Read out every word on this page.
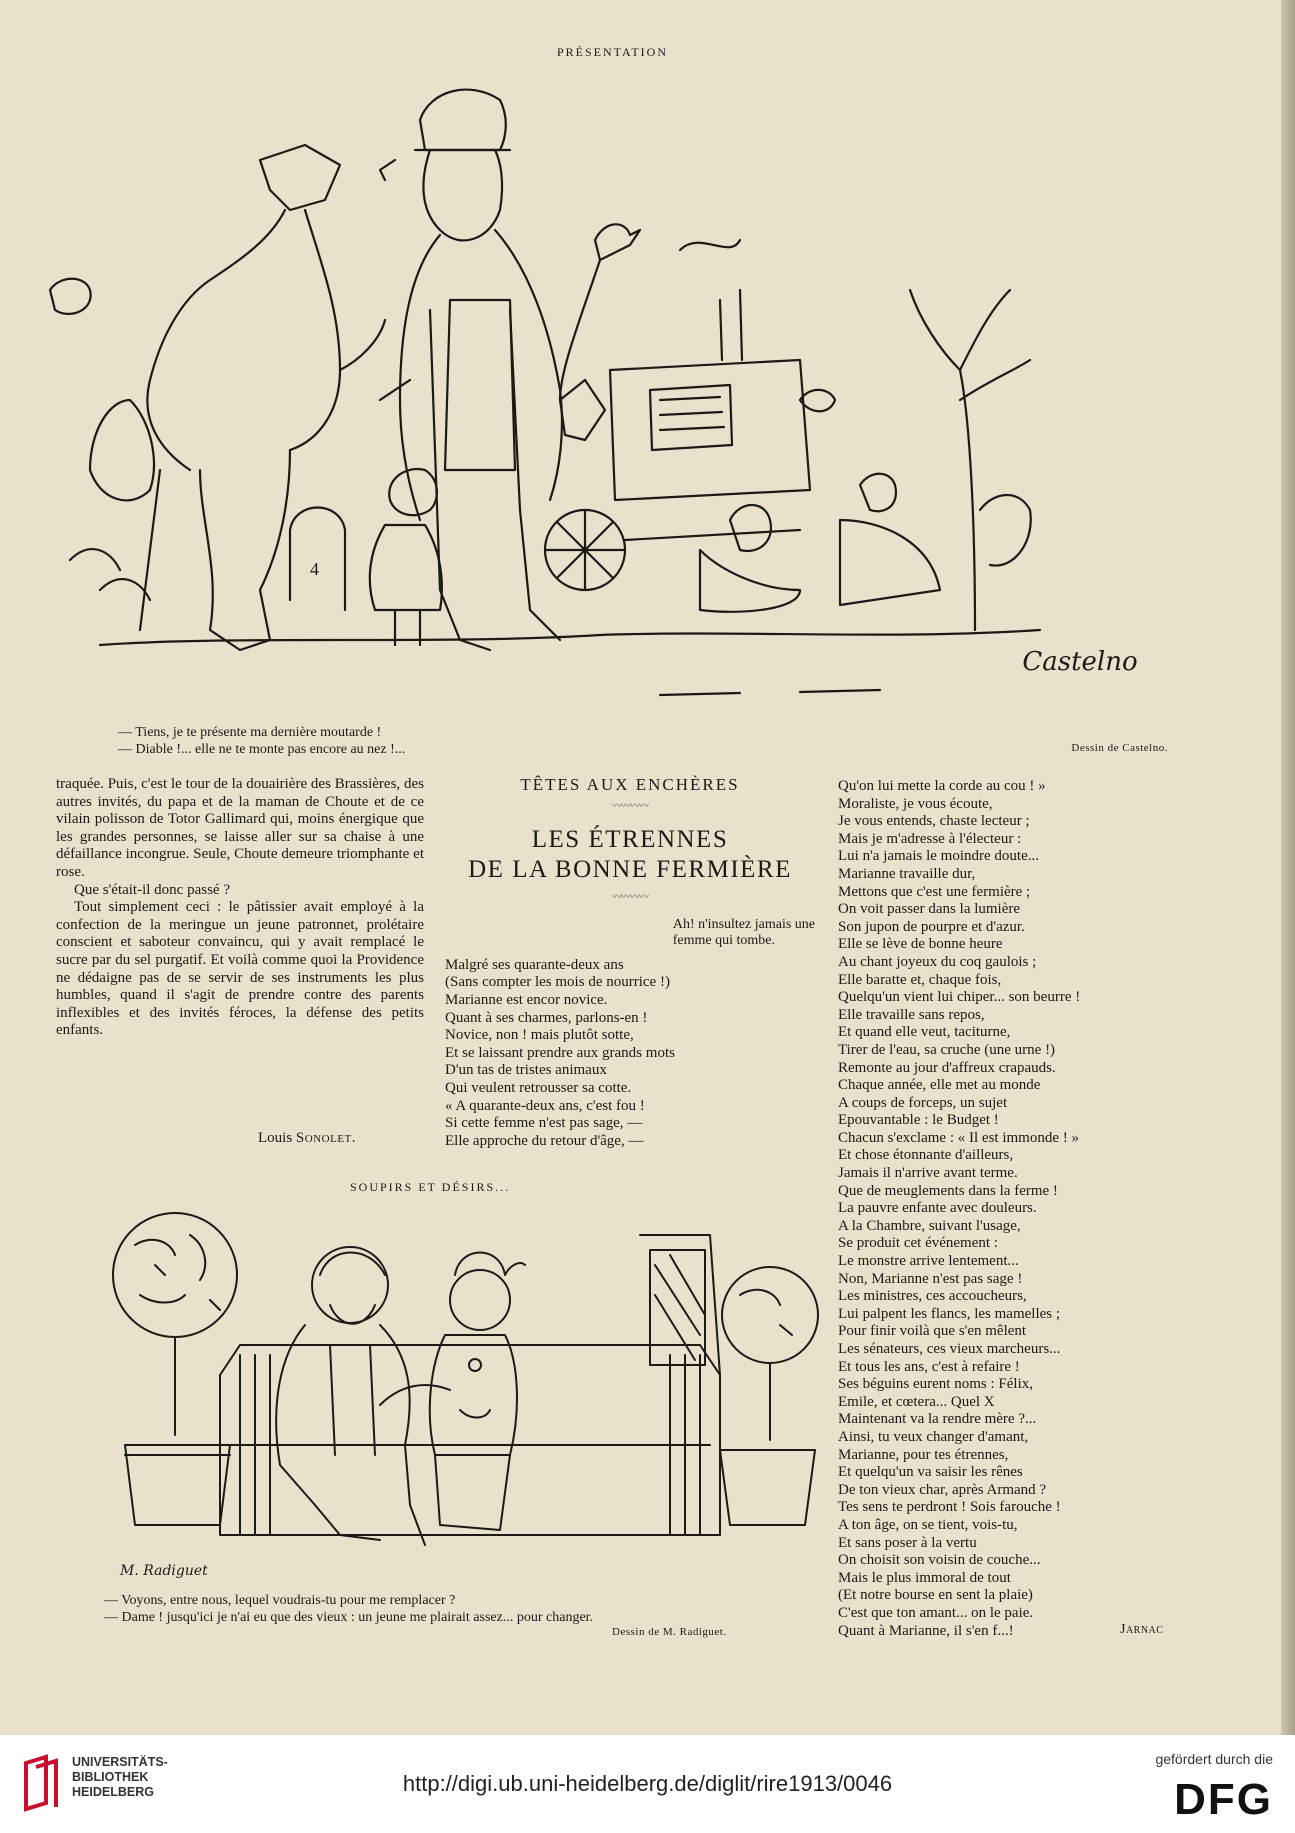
PRÉSENTATION
4
Castelno
— Tiens, je te présente ma dernière moutarde !
— Diable !... elle ne te monte pas encore au nez !...	Dessin de Castelno.

traquée. Puis, c'est le tour de la douairière des Brassières, des autres invités, du papa et de la maman de Choute et de ce vilain polisson de Totor Gallimard qui, moins énergique que les grandes personnes, se laisse aller sur sa chaise à une défaillance incongrue. Seule, Choute demeure triomphante et rose.

Que s'était-il donc passé ?

Tout simplement ceci : le pâtissier avait employé à la confection de la meringue un jeune patronnet, prolétaire conscient et saboteur convaincu, qui y avait remplacé le sucre par du sel purgatif. Et voilà comme quoi la Providence ne dédaigne pas de se servir de ses instruments les plus humbles, quand il s'agit de prendre contre des parents inflexibles et des invités féroces, la défense des petits enfants.

Louis Sonolet.
TÊTES AUX ENCHÈRES
〰〰〰〰
LES ÉTRENNES
DE LA BONNE FERMIÈRE
〰〰〰〰
Ah! n'insultez jamais une
femme qui tombe.
Malgré ses quarante-deux ans
(Sans compter les mois de nourrice !)
Marianne est encor novice.
Quant à ses charmes, parlons-en !
Novice, non ! mais plutôt sotte,
Et se laissant prendre aux grands mots
D'un tas de tristes animaux
Qui veulent retrousser sa cotte.
« A quarante-deux ans, c'est fou !
Si cette femme n'est pas sage, —
Elle approche du retour d'âge, —
Qu'on lui mette la corde au cou ! »
Moraliste, je vous écoute,
Je vous entends, chaste lecteur ;
Mais je m'adresse à l'électeur :
Lui n'a jamais le moindre doute...
Marianne travaille dur,
Mettons que c'est une fermière ;
On voit passer dans la lumière
Son jupon de pourpre et d'azur.
Elle se lève de bonne heure
Au chant joyeux du coq gaulois ;
Elle baratte et, chaque fois,
Quelqu'un vient lui chiper... son beurre !
Elle travaille sans repos,
Et quand elle veut, taciturne,
Tirer de l'eau, sa cruche (une urne !)
Remonte au jour d'affreux crapauds.
Chaque année, elle met au monde
A coups de forceps, un sujet
Epouvantable : le Budget !
Chacun s'exclame : « Il est immonde ! »
Et chose étonnante d'ailleurs,
Jamais il n'arrive avant terme.
Que de meuglements dans la ferme !
La pauvre enfante avec douleurs.
A la Chambre, suivant l'usage,
Se produit cet événement :
Le monstre arrive lentement...
Non, Marianne n'est pas sage !
Les ministres, ces accoucheurs,
Lui palpent les flancs, les mamelles ;
Pour finir voilà que s'en mêlent
Les sénateurs, ces vieux marcheurs...
Et tous les ans, c'est à refaire !
Ses béguins eurent noms : Félix,
Emile, et cœtera... Quel X
Maintenant va la rendre mère ?...
Ainsi, tu veux changer d'amant,
Marianne, pour tes étrennes,
Et quelqu'un va saisir les rênes
De ton vieux char, après Armand ?
Tes sens te perdront ! Sois farouche !
A ton âge, on se tient, vois-tu,
Et sans poser à la vertu
On choisit son voisin de couche...
Mais le plus immoral de tout
(Et notre bourse en sent la plaie)
C'est que ton amant... on le paie.
Quant à Marianne, il s'en f...!	Jarnac
SOUPIRS ET DÉSIRS...
M. Radiguet
— Voyons, entre nous, lequel voudrais-tu pour me remplacer ?
— Dame ! jusqu'ici je n'ai eu que des vieux : un jeune me plairait assez... pour changer.
Dessin de M. Radiguet.
UNIVERSITÄTS-
BIBLIOTHEK
HEIDELBERG	http://digi.ub.uni-heidelberg.de/diglit/rire1913/0046
gefördert durch die
DFG
